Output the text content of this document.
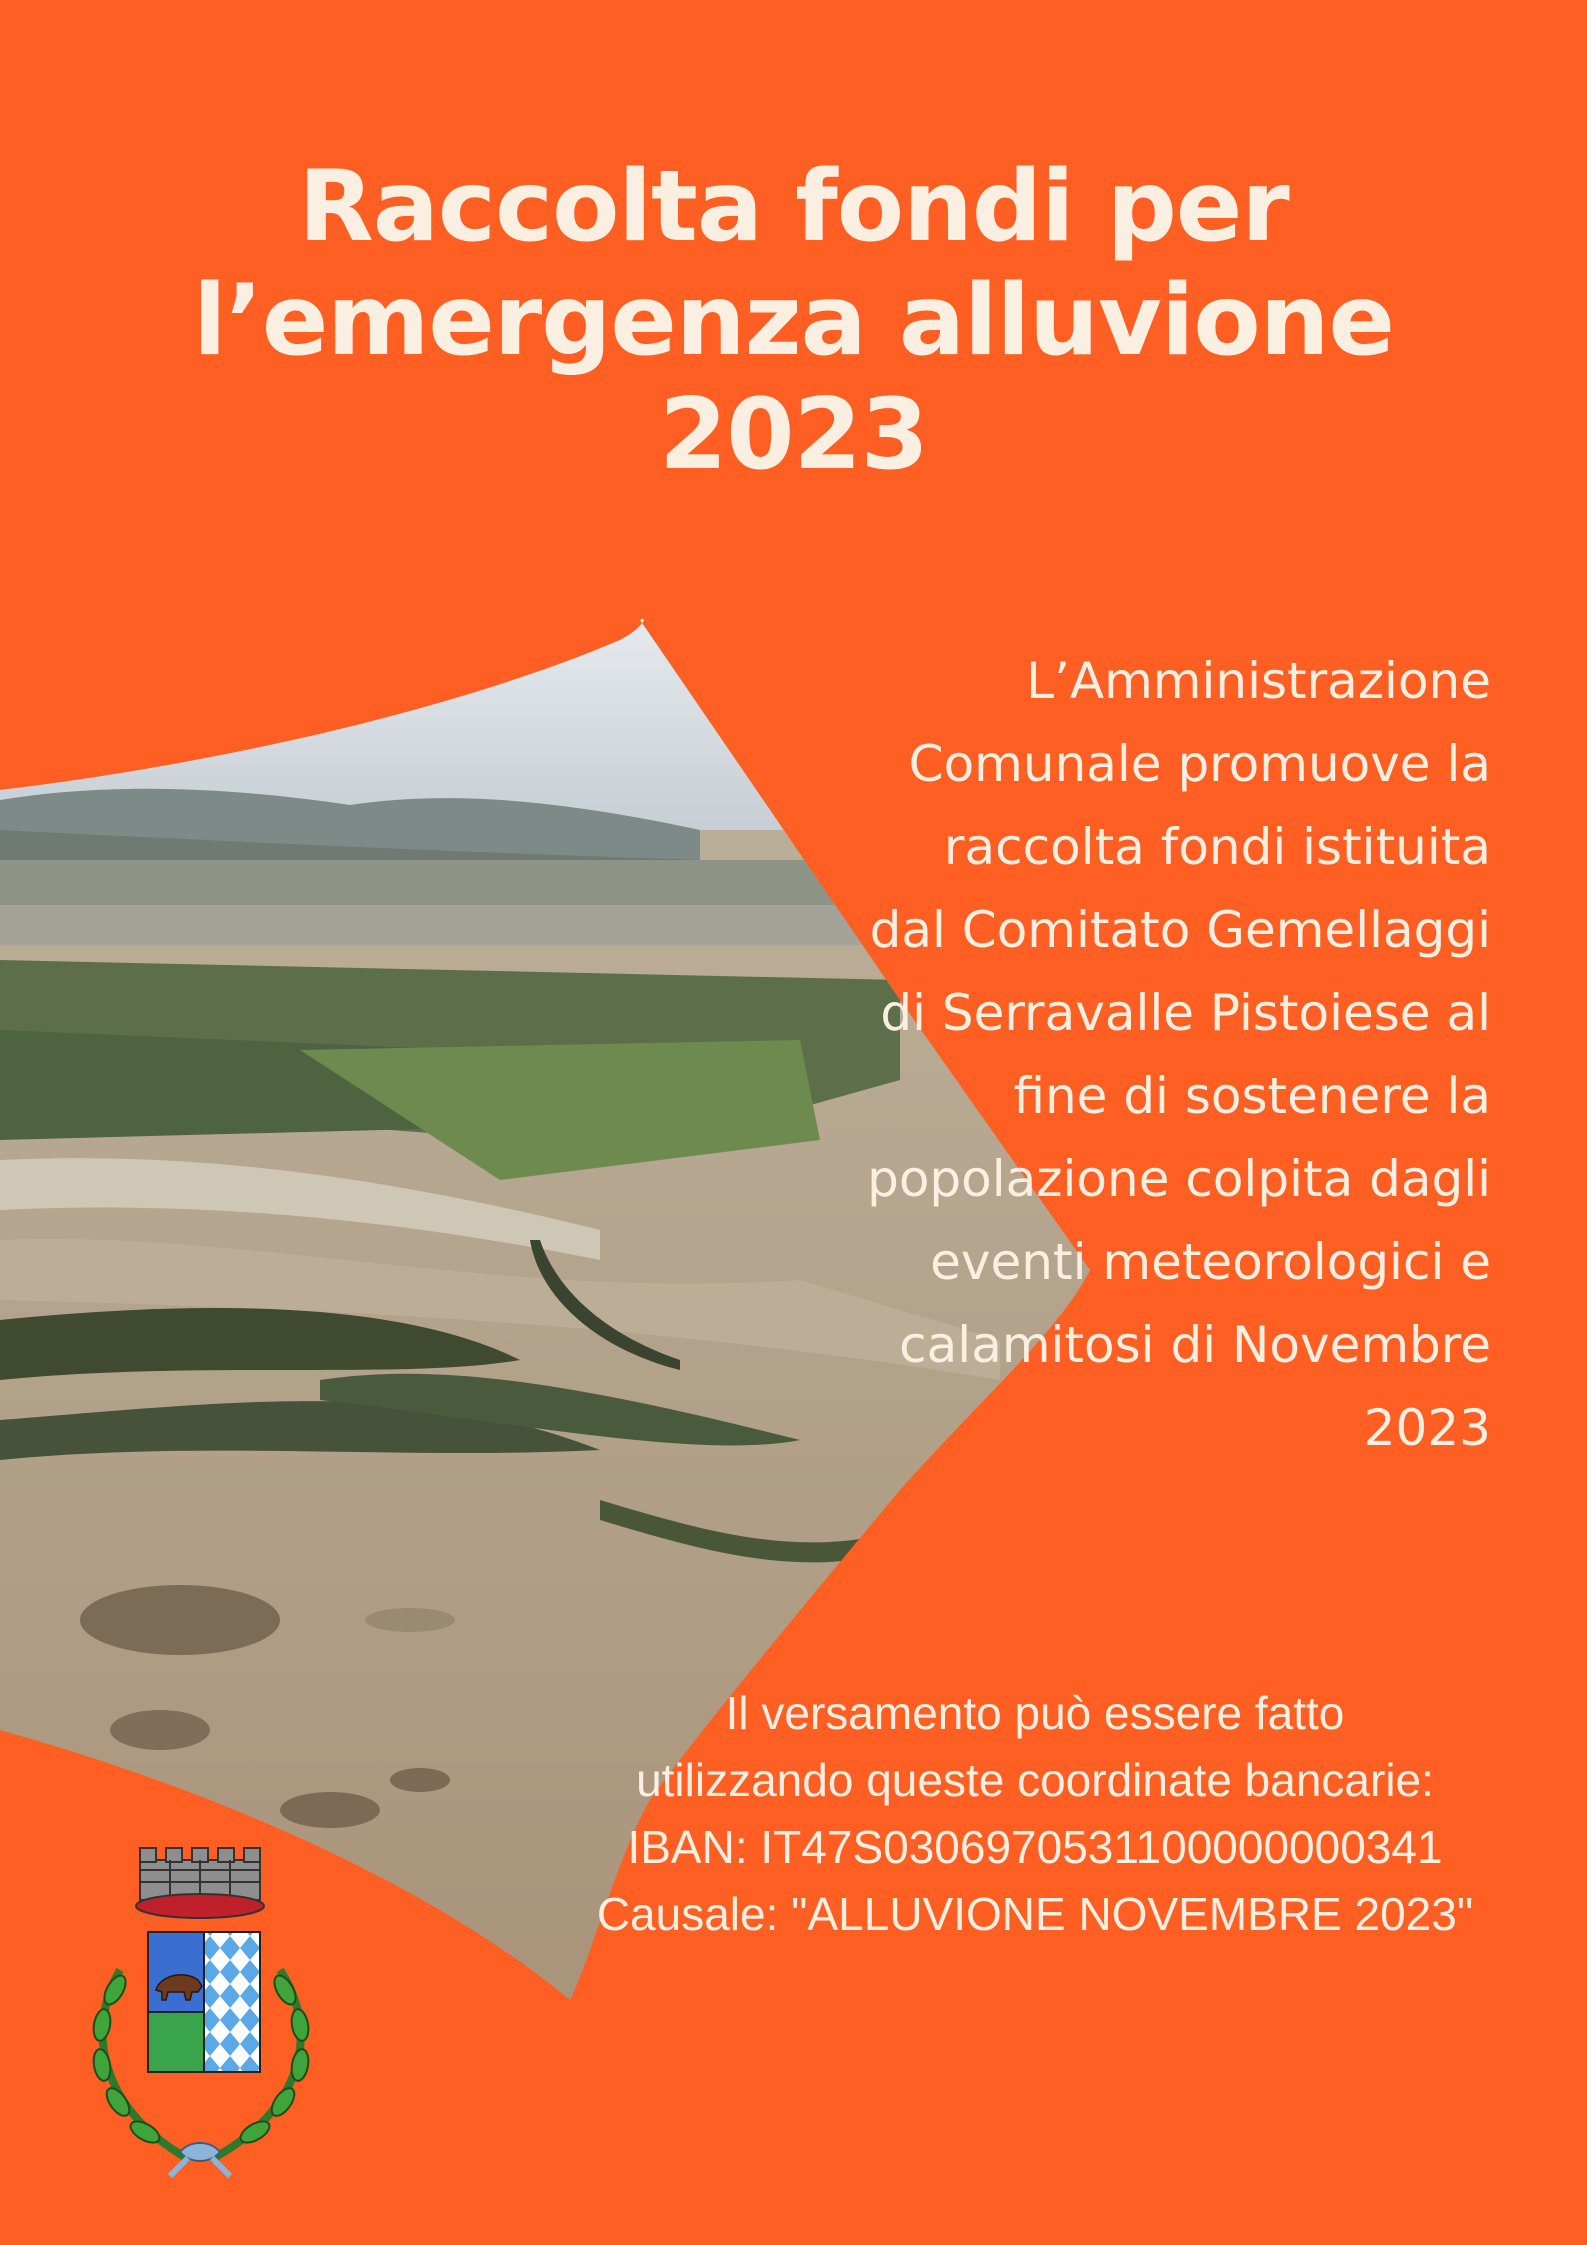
Raccolta fondi per
l’emergenza alluvione
2023
L’Amministrazione
Comunale promuove la
raccolta fondi istituita
dal Comitato Gemellaggi
di Serravalle Pistoiese al
fine di sostenere la
popolazione colpita dagli
eventi meteorologici e
calamitosi di Novembre
2023
Il versamento può essere fatto
utilizzando queste coordinate bancarie:
IBAN: IT47S0306970531100000000341
Causale: "ALLUVIONE NOVEMBRE 2023"
